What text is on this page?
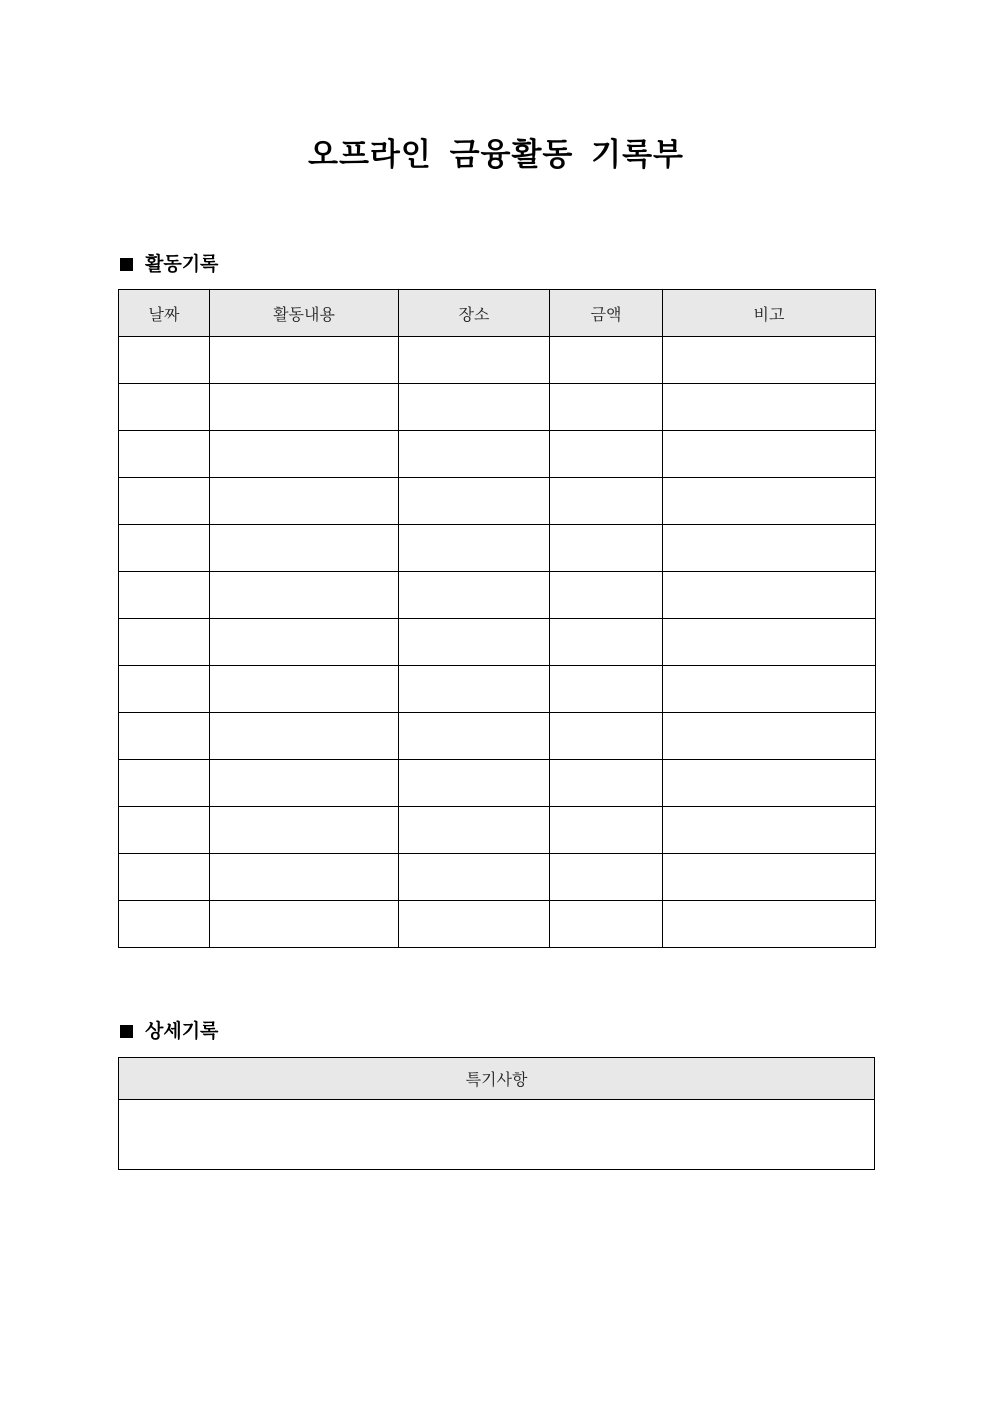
오프라인 금융활동 기록부
활동기록
날짜	활동내용	장소	금액	비고

상세기록
특기사항
